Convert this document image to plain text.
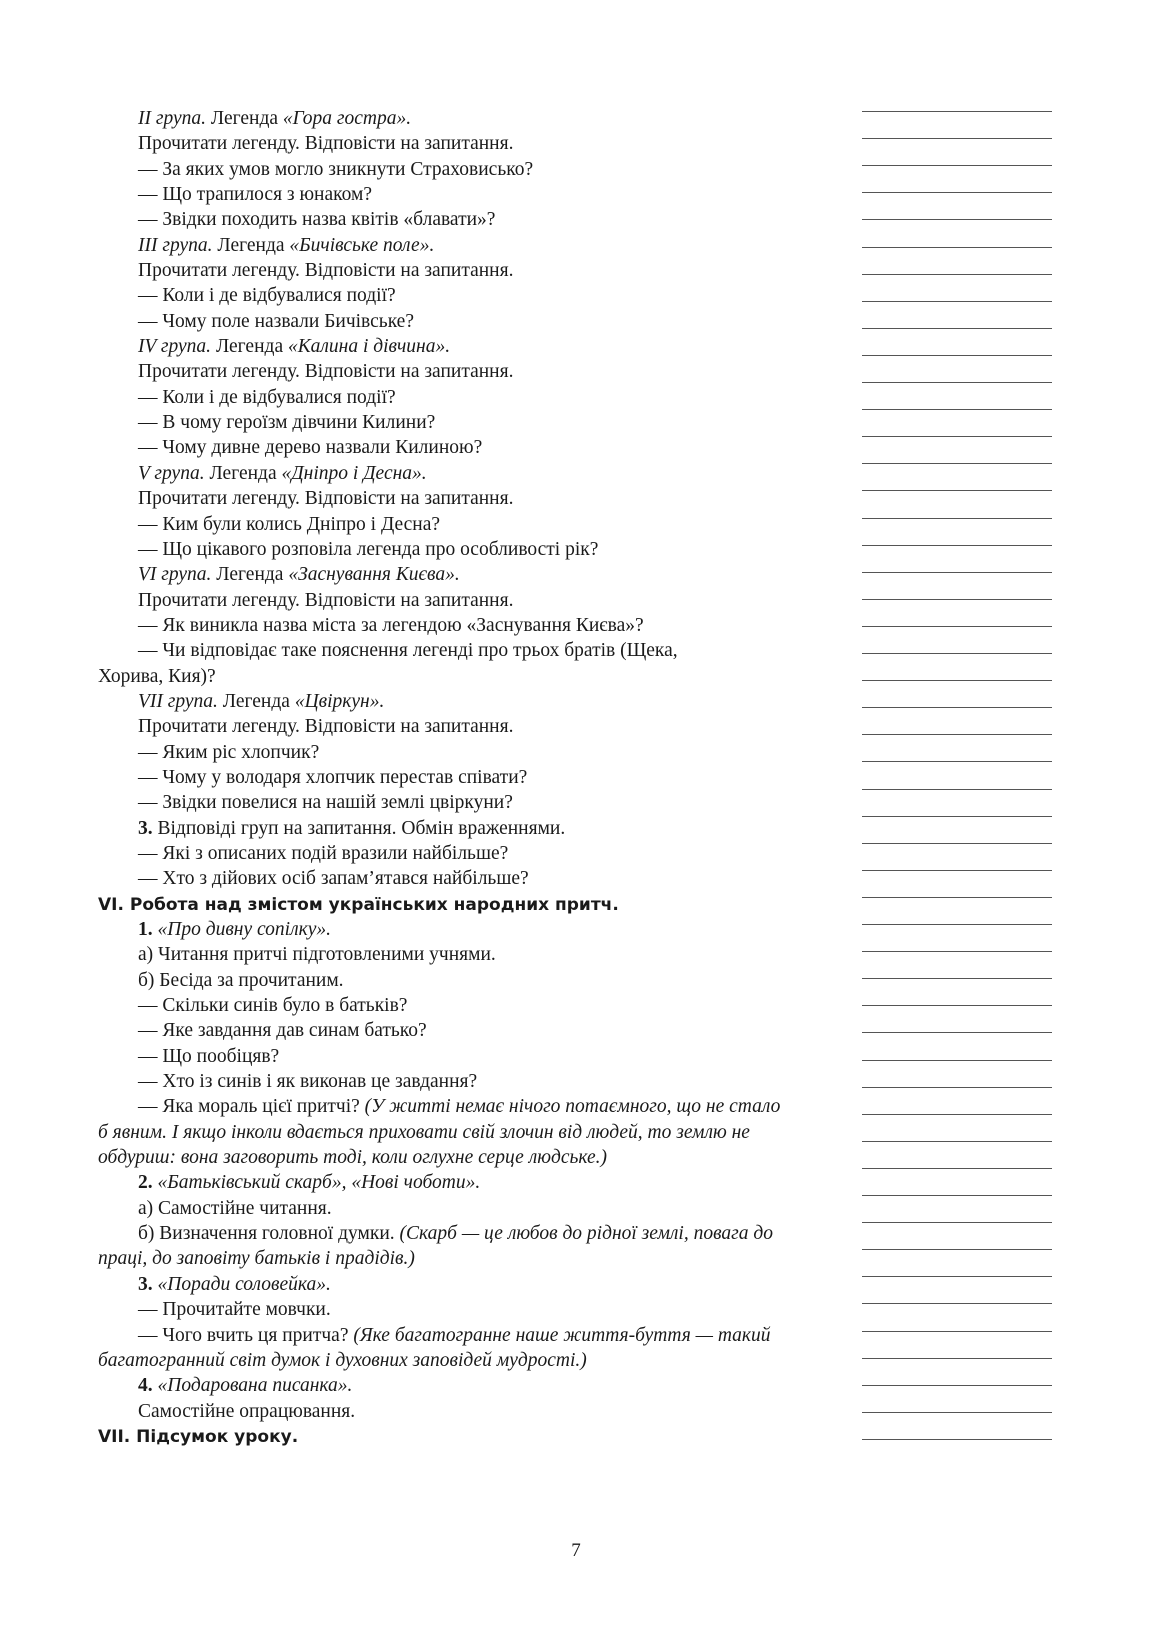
II група. Легенда «Гора гостра».
Прочитати легенду. Відповісти на запитання.
— За яких умов могло зникнути Страховисько?
— Що трапилося з юнаком?
— Звідки походить назва квітів «блавати»?
III група. Легенда «Бичівське поле».
Прочитати легенду. Відповісти на запитання.
— Коли і де відбувалися події?
— Чому поле назвали Бичівське?
IV група. Легенда «Калина і дівчина».
Прочитати легенду. Відповісти на запитання.
— Коли і де відбувалися події?
— В чому героїзм дівчини Килини?
— Чому дивне дерево назвали Килиною?
V група. Легенда «Дніпро і Десна».
Прочитати легенду. Відповісти на запитання.
— Ким були колись Дніпро і Десна?
— Що цікавого розповіла легенда про особливості рік?
VI група. Легенда «Заснування Києва».
Прочитати легенду. Відповісти на запитання.
— Як виникла назва міста за легендою «Заснування Києва»?
— Чи відповідає таке пояснення легенді про трьох братів (Щека,
Хорива, Кия)?
VII група. Легенда «Цвіркун».
Прочитати легенду. Відповісти на запитання.
— Яким ріс хлопчик?
— Чому у володаря хлопчик перестав співати?
— Звідки повелися на нашій землі цвіркуни?
3. Відповіді груп на запитання. Обмін враженнями.
— Які з описаних подій вразили найбільше?
— Хто з дійових осіб запам’ятався найбільше?
VI. Робота над змістом українських народних притч.
1. «Про дивну сопілку».
а) Читання притчі підготовленими учнями.
б) Бесіда за прочитаним.
— Скільки синів було в батьків?
— Яке завдання дав синам батько?
— Що пообіцяв?
— Хто із синів і як виконав це завдання?
— Яка мораль цієї притчі? (У житті немає нічого потаємного, що не стало
б явним. І якщо інколи вдається приховати свій злочин від людей, то землю не
обдуриш: вона заговорить тоді, коли оглухне серце людське.)
2. «Батьківський скарб», «Нові чоботи».
а) Самостійне читання.
б) Визначення головної думки. (Скарб — це любов до рідної землі, повага до
праці, до заповіту батьків і прадідів.)
3. «Поради соловейка».
— Прочитайте мовчки.
— Чого вчить ця притча? (Яке багатогранне наше життя-буття — такий
багатогранний світ думок і духовних заповідей мудрості.)
4. «Подарована писанка».
Самостійне опрацювання.
VII. Підсумок уроку.
7
